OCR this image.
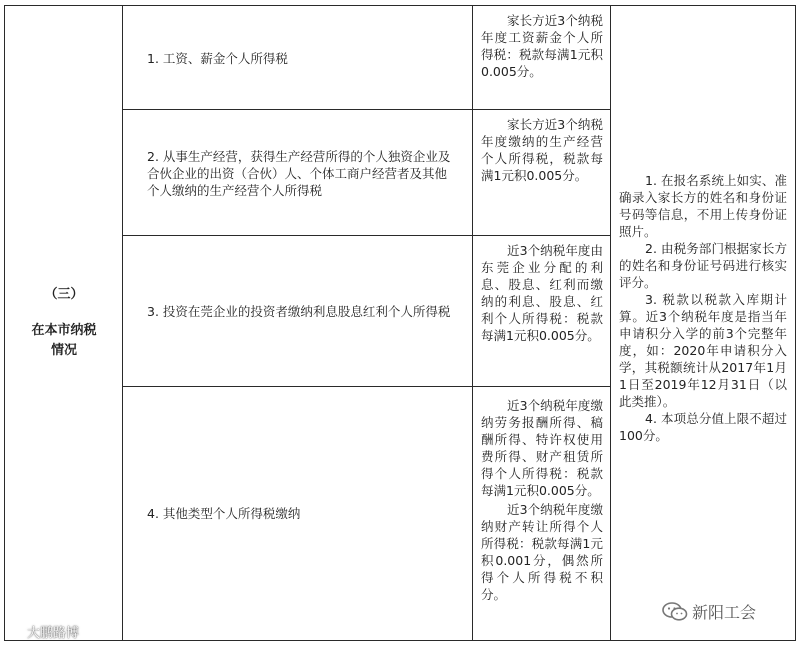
（三）
在本市纳税
情况
1. 工资、薪金个人所得税

家长方近3个纳税年度工资薪金个人所得税：税款每满1元积0.005分。

2. 从事生产经营，获得生产经营所得的个人独资企业及合伙企业的出资（合伙）人、个体工商户经营者及其他个人缴纳的生产经营个人所得税

家长方近3个纳税年度缴纳的生产经营个人所得税，税款每满1元积0.005分。

3. 投资在莞企业的投资者缴纳利息股息红利个人所得税

近3个纳税年度由东莞企业分配的利息、股息、红利而缴纳的利息、股息、红利个人所得税：税款每满1元积0.005分。

4. 其他类型个人所得税缴纳

近3个纳税年度缴纳劳务报酬所得、稿酬所得、特许权使用费所得、财产租赁所得个人所得税：税款每满1元积0.005分。

近3个纳税年度缴纳财产转让所得个人所得税：税款每满1元积0.001分，偶然所得个人所得税不积分。

1. 在报名系统上如实、准确录入家长方的姓名和身份证号码等信息，不用上传身份证照片。

2. 由税务部门根据家长方的姓名和身份证号码进行核实评分。

3. 税款以税款入库期计算。近3个纳税年度是指当年申请积分入学的前3个完整年度，如：2020年申请积分入学，其税额统计从2017年1月1日至2019年12月31日（以此类推）。

4. 本项总分值上限不超过100分。

新阳工会
大鹏路博
